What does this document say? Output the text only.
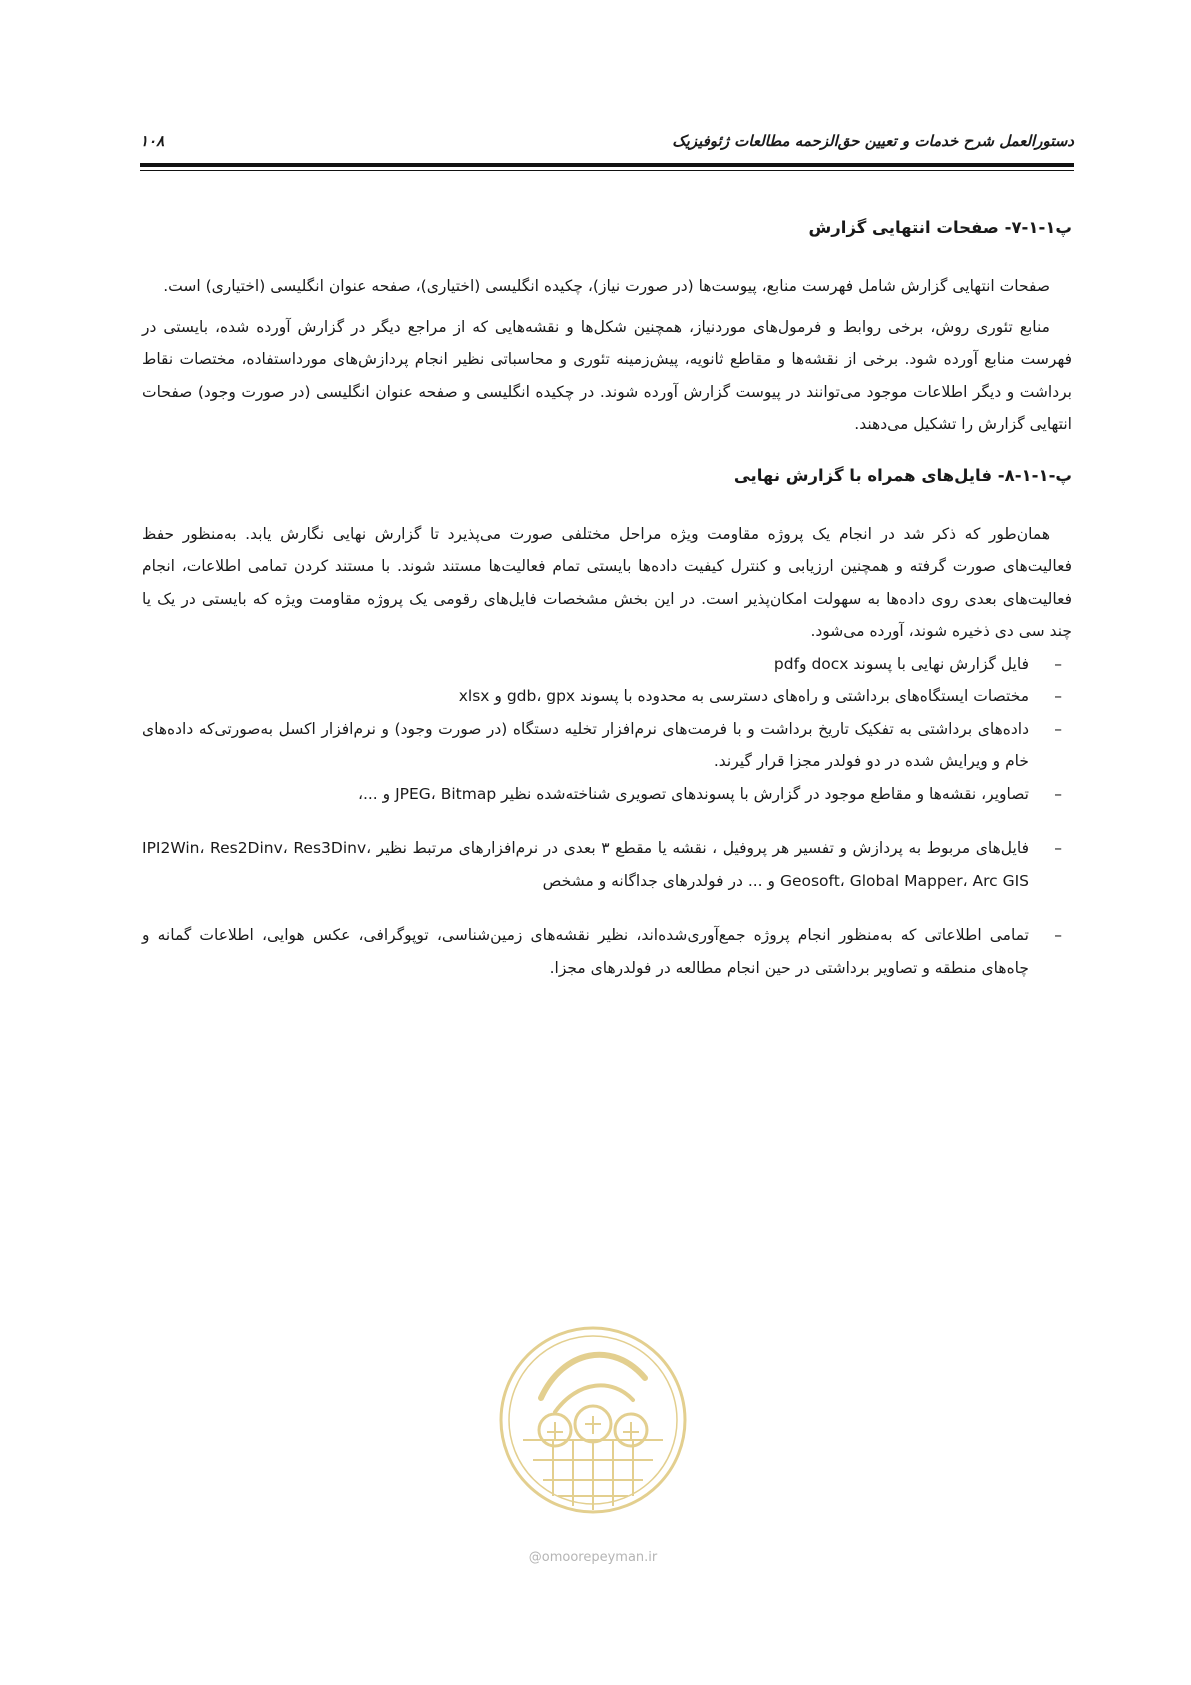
۱۰۸	دستورالعمل شرح خدمات و تعیین حق‌الزحمه مطالعات ژئوفیزیک
پ۱-۱-۷- صفحات انتهایی گزارش

صفحات انتهایی گزارش شامل فهرست منابع، پیوست‌ها (در صورت نیاز)، چکیده انگلیسی (اختیاری)، صفحه عنوان انگلیسی (اختیاری) است.

منابع تئوری روش، برخی روابط و فرمول‌های موردنیاز، همچنین شکل‌ها و نقشه‌هایی که از مراجع دیگر در گزارش آورده شده، بایستی در فهرست منابع آورده شود. برخی از نقشه‌ها و مقاطع ثانویه، پیش‌زمینه تئوری و محاسباتی نظیر انجام پردازش‌های مورداستفاده، مختصات نقاط برداشت و دیگر اطلاعات موجود می‌توانند در پیوست گزارش آورده شوند. در چکیده انگلیسی و صفحه عنوان انگلیسی (در صورت وجود) صفحات انتهایی گزارش را تشکیل می‌دهند.

پ-۱-۱-۸- فایل‌های همراه با گزارش نهایی

همان‌طور که ذکر شد در انجام یک پروژه مقاومت ویژه مراحل مختلفی صورت می‌پذیرد تا گزارش نهایی نگارش یابد. به‌منظور حفظ فعالیت‌های صورت گرفته و همچنین ارزیابی و کنترل کیفیت داده‌ها بایستی تمام فعالیت‌ها مستند شوند. با مستند کردن تمامی اطلاعات، انجام فعالیت‌های بعدی روی داده‌ها به سهولت امکان‌پذیر است. در این بخش مشخصات فایل‌های رقومی یک پروژه مقاومت ویژه که بایستی در یک یا چند سی دی ذخیره شوند، آورده می‌شود.

–
فایل گزارش نهایی با پسوند docx وpdf
–
مختصات ایستگاه‌های برداشتی و راه‌های دسترسی به محدوده با پسوند gdb، gpx و xlsx
–
داده‌های برداشتی به تفکیک تاریخ برداشت و با فرمت‌های نرم‌افزار تخلیه دستگاه (در صورت وجود) و نرم‌افزار اکسل به‌صورتی‌که داده‌های خام و ویرایش شده در دو فولدر مجزا قرار گیرند.
–
تصاویر، نقشه‌ها و مقاطع موجود در گزارش با پسوندهای تصویری شناخته‌شده نظیر JPEG، Bitmap و ...،
–
فایل‌های مربوط به پردازش و تفسیر هر پروفیل ، نقشه یا مقطع ۳ بعدی در نرم‌افزارهای مرتبط نظیر IPI2Win، Res2Dinv، Res3Dinv، Geosoft، Global Mapper، Arc GIS و ... در فولدرهای جداگانه و مشخص
–
تمامی اطلاعاتی که به‌منظور انجام پروژه جمع‌آوری‌شده‌اند، نظیر نقشه‌های زمین‌شناسی، توپوگرافی، عکس هوایی، اطلاعات گمانه و چاه‌های منطقه و تصاویر برداشتی در حین انجام مطالعه در فولدرهای مجزا.
@omoorepeyman.ir
